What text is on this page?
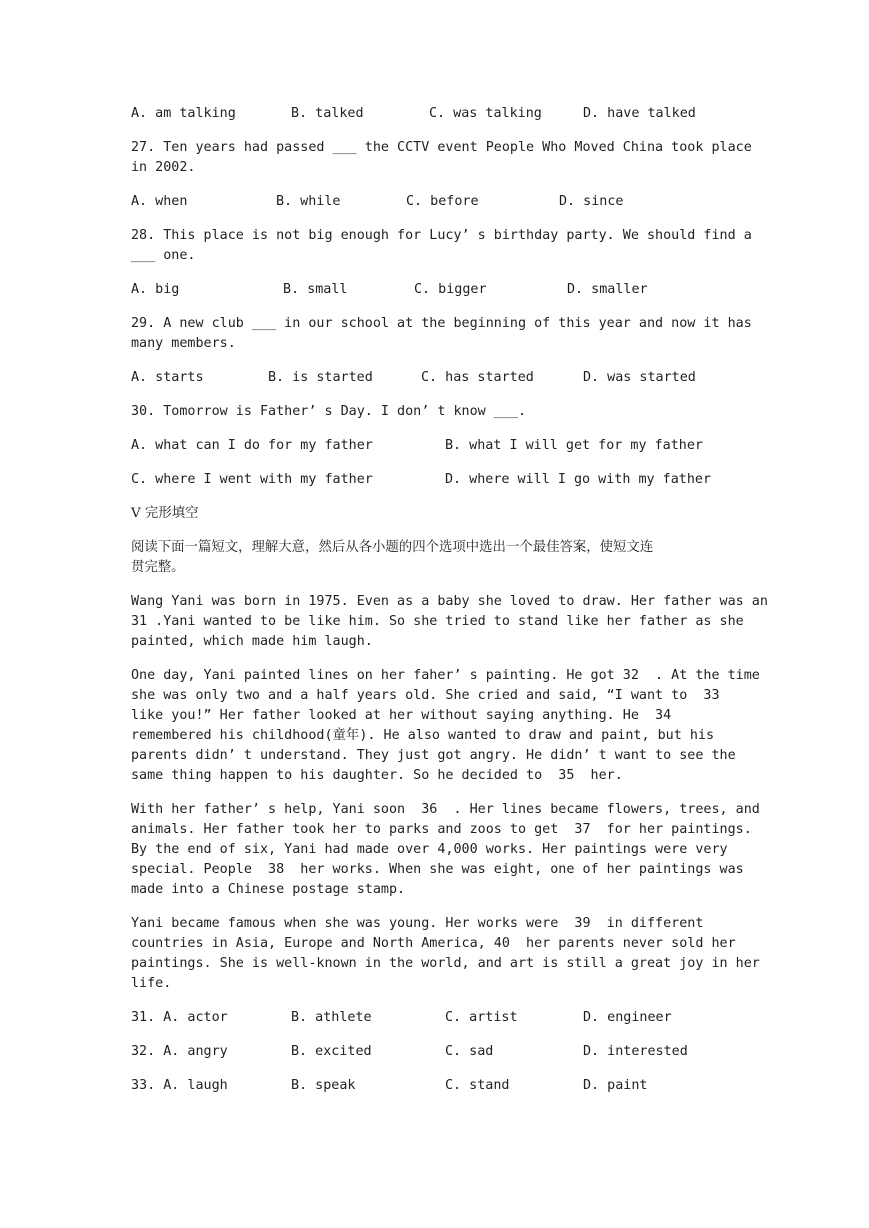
A. am talking

	B. talked

	C. was talking

	D. have talked

27. Ten years had passed ___ the CCTV event People Who Moved China took place
in 2002.

A. when

	B. while

	C. before

	D. since

28. This place is not big enough for Lucy’ s birthday party. We should find a
___ one.

A. big

	B. small

	C. bigger

	D. smaller

29. A new club ___ in our school at the beginning of this year and now it has
many members.

A. starts

	B. is started

	C. has started

	D. was started

30. Tomorrow is Father’ s Day. I don’ t know ___.

A. what can I do for my father

	B. what I will get for my father

C. where I went with my father

	D. where will I go with my father

V 完形填空
阅读下面一篇短文，理解大意，然后从各小题的四个选项中选出一个最佳答案，使短文连
贯完整。
Wang Yani was born in 1975. Even as a baby she loved to draw. Her father was an
31 .Yani wanted to be like him. So she tried to stand like her father as she
painted, which made him laugh.
One day, Yani painted lines on her faher’ s painting. He got 32  . At the time
she was only two and a half years old. She cried and said, “I want to  33
like you!” Her father looked at her without saying anything. He  34
remembered his childhood(童年). He also wanted to draw and paint, but his
parents didn’ t understand. They just got angry. He didn’ t want to see the
same thing happen to his daughter. So he decided to  35  her.
With her father’ s help, Yani soon  36  . Her lines became flowers, trees, and
animals. Her father took her to parks and zoos to get  37  for her paintings.
By the end of six, Yani had made over 4,000 works. Her paintings were very
special. People  38  her works. When she was eight, one of her paintings was
made into a Chinese postage stamp.
Yani became famous when she was young. Her works were  39  in different
countries in Asia, Europe and North America, 40  her parents never sold her
paintings. She is well-known in the world, and art is still a great joy in her
life.

31. A. actor

	B. athlete

	C. artist

	D. engineer

32. A. angry

	B. excited

	C. sad

	D. interested

33. A. laugh

	B. speak

	C. stand

	D. paint
